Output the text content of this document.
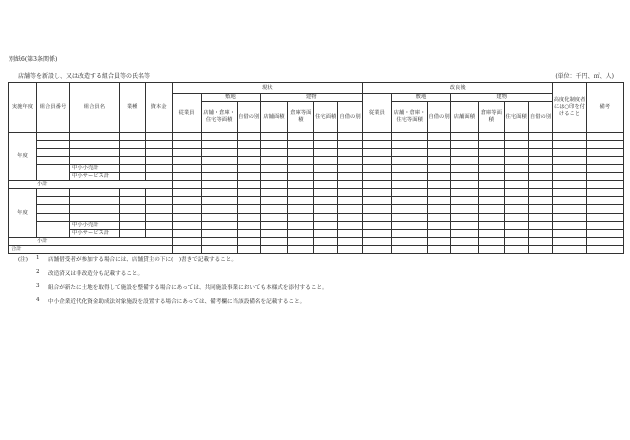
別紙6(第3条関係)
店舗等を新設し、又は改造する組合員等の氏名等	(単位：千円、㎡、人)
実施年度	組合員番号	組合員名	業種	資本金	現状							改良後							高度化制度者には○印を付けること	備考
					従業員	敷地		建物				従業員	敷地		建物					
						店舗・倉庫・住宅等面積	自借の別	店舗面積	倉庫等面積	住宅面積	自借の別		店舗・倉庫・住宅等面積	自借の別	店舗面積	倉庫等面積	住宅面積	自借の別		

年度																				

		中小小売計																		
		中小サービス計																		
小計																				
年度																				

		中小小売計																		
		中小サービス計																		
小計																				
合計																				
(注)	1 店舗借受者が参加する場合には、店舗貸主の下に(　)書きで記載すること。
2 改造済又は非改造分も記載すること。
3 組合が新たに土地を取得して施設を整備する場合にあっては、共同施設事業においても本様式を添付すること。
4 中小企業近代化資金助成法対象施設を設置する場合にあっては、備考欄に当該設備名を記載すること。
